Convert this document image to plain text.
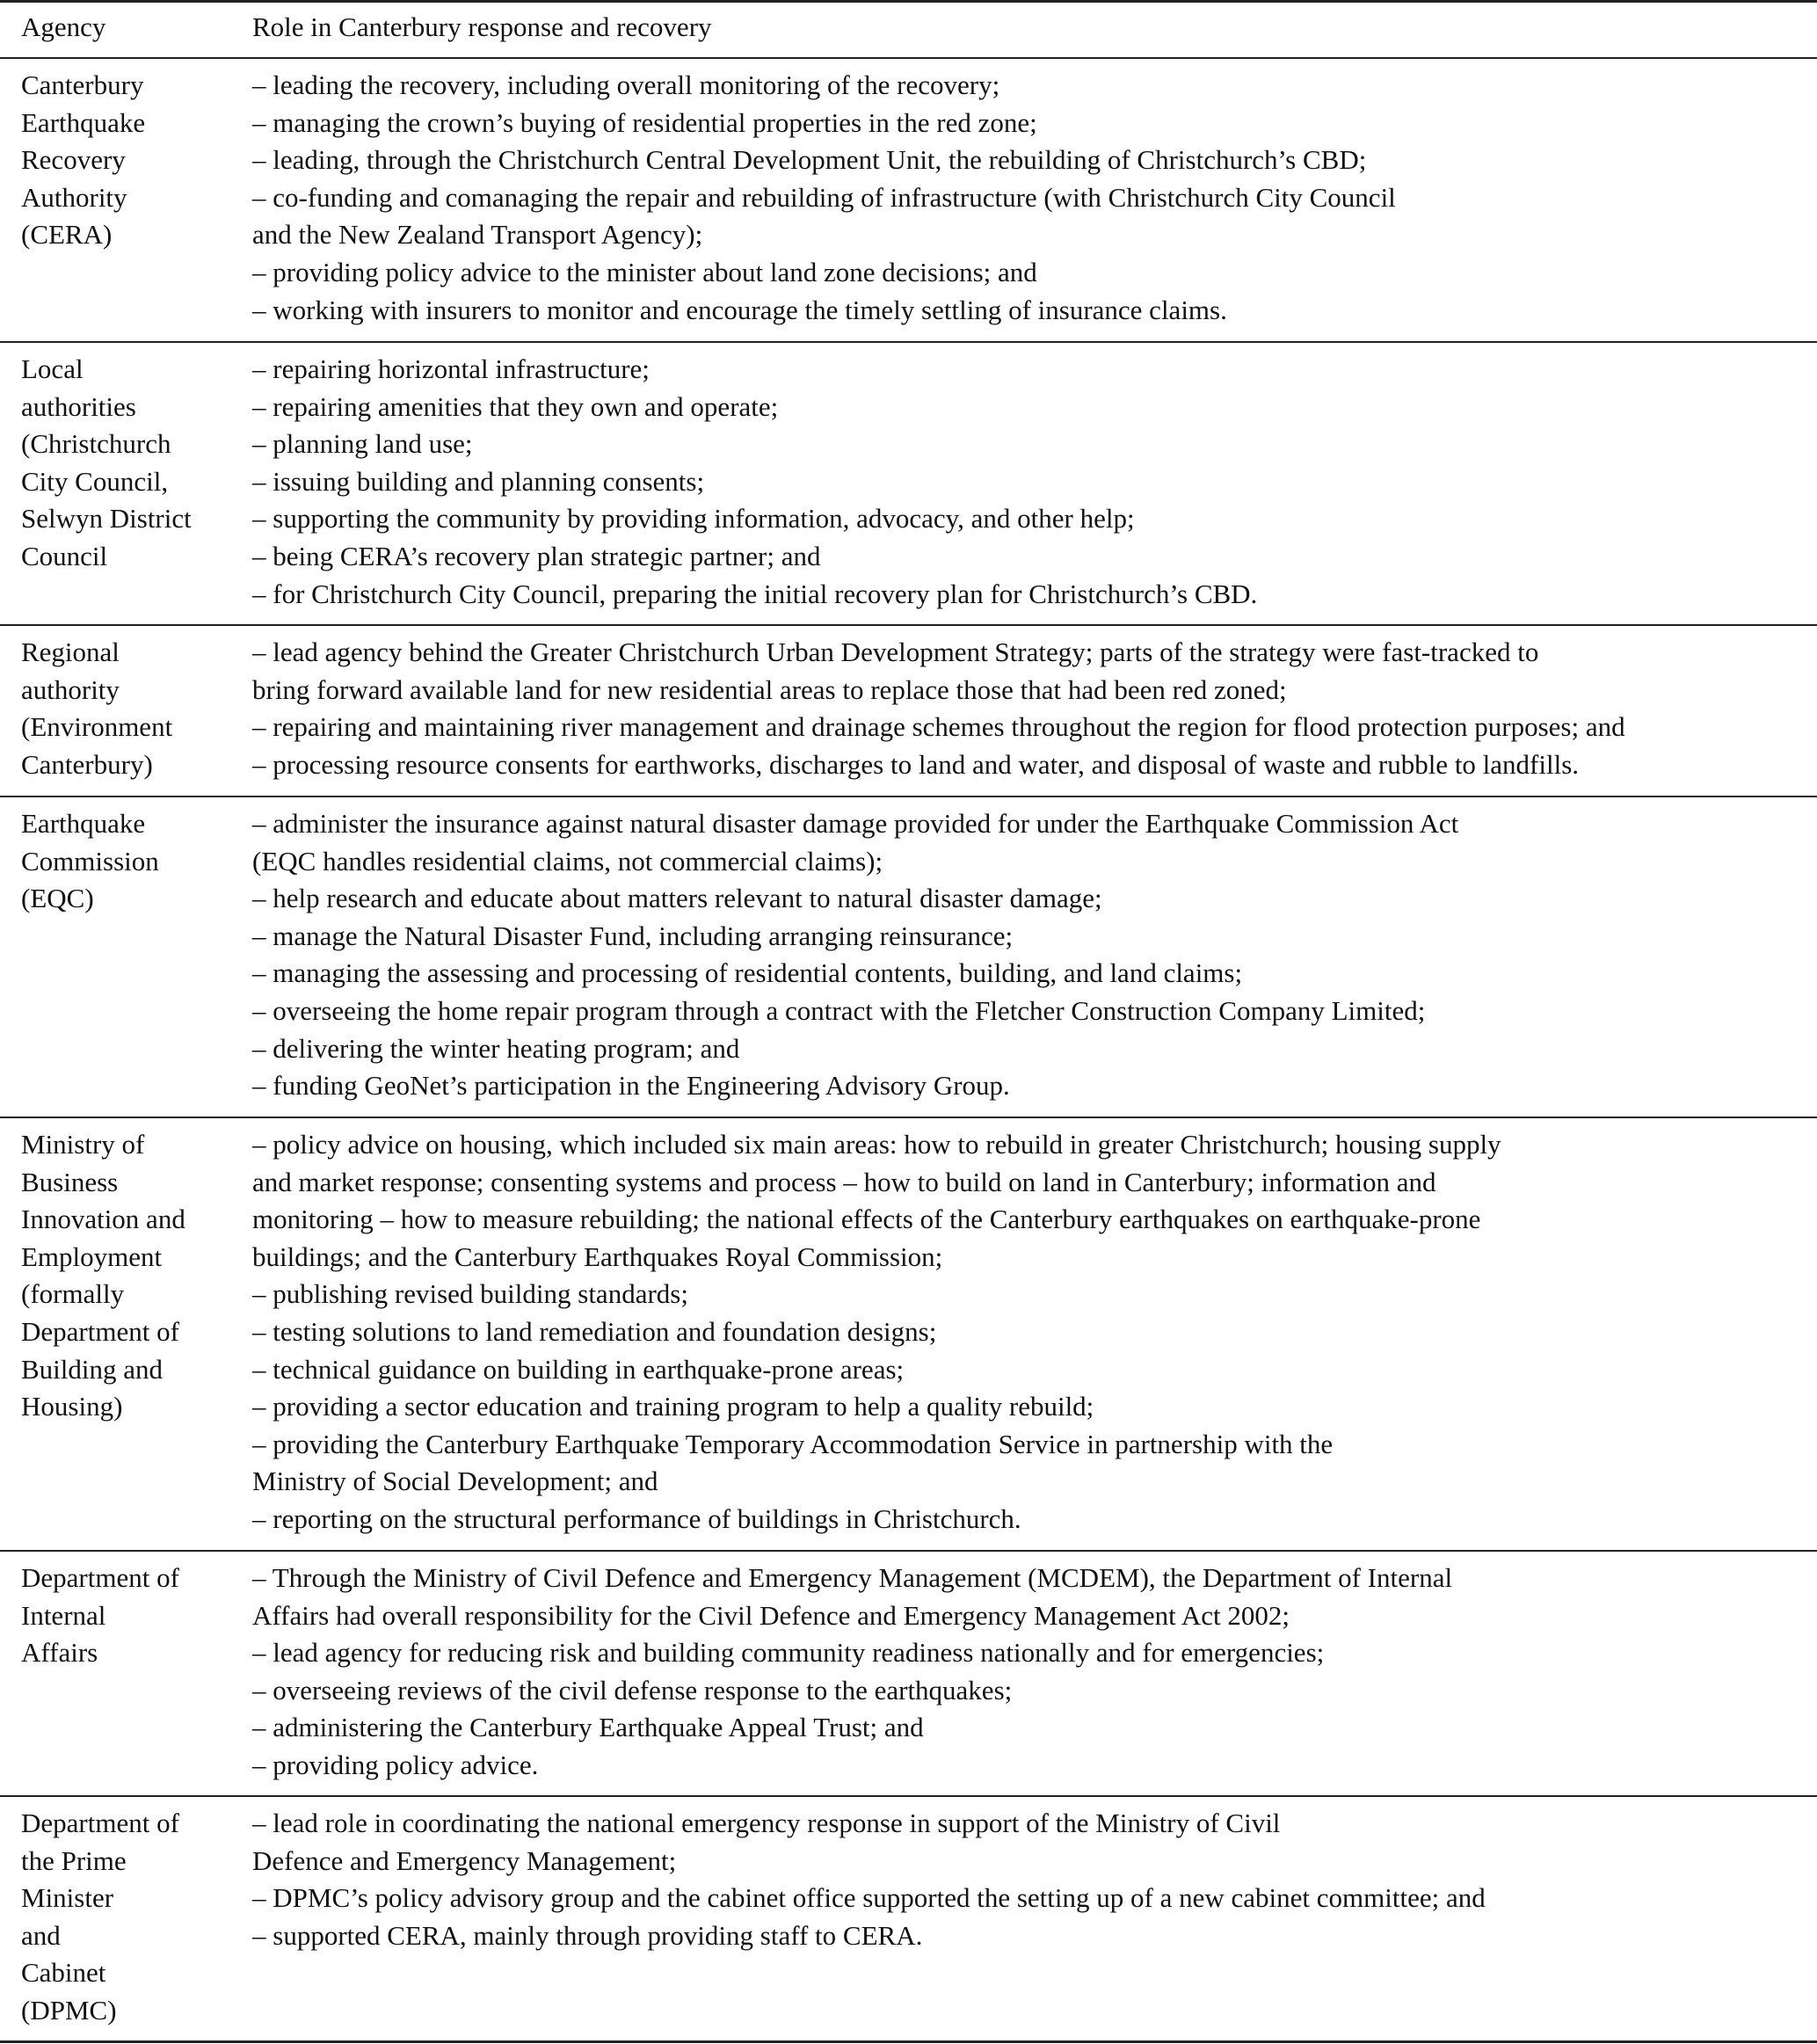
Agency	Role in Canterbury response and recovery
Canterbury
Earthquake
Recovery
Authority
(CERA)
– leading the recovery, including overall monitoring of the recovery;
– managing the crown’s buying of residential properties in the red zone;
– leading, through the Christchurch Central Development Unit, the rebuilding of Christchurch’s CBD;
– co-funding and comanaging the repair and rebuilding of infrastructure (with Christchurch City Council
and the New Zealand Transport Agency);
– providing policy advice to the minister about land zone decisions; and
– working with insurers to monitor and encourage the timely settling of insurance claims.
Local
authorities
(Christchurch
City Council,
Selwyn District
Council
– repairing horizontal infrastructure;
– repairing amenities that they own and operate;
– planning land use;
– issuing building and planning consents;
– supporting the community by providing information, advocacy, and other help;
– being CERA’s recovery plan strategic partner; and
– for Christchurch City Council, preparing the initial recovery plan for Christchurch’s CBD.
Regional
authority
(Environment
Canterbury)
– lead agency behind the Greater Christchurch Urban Development Strategy; parts of the strategy were fast-tracked to
bring forward available land for new residential areas to replace those that had been red zoned;
– repairing and maintaining river management and drainage schemes throughout the region for flood protection purposes; and
– processing resource consents for earthworks, discharges to land and water, and disposal of waste and rubble to landfills.
Earthquake
Commission
(EQC)
– administer the insurance against natural disaster damage provided for under the Earthquake Commission Act
(EQC handles residential claims, not commercial claims);
– help research and educate about matters relevant to natural disaster damage;
– manage the Natural Disaster Fund, including arranging reinsurance;
– managing the assessing and processing of residential contents, building, and land claims;
– overseeing the home repair program through a contract with the Fletcher Construction Company Limited;
– delivering the winter heating program; and
– funding GeoNet’s participation in the Engineering Advisory Group.
Ministry of
Business
Innovation and
Employment
(formally
Department of
Building and
Housing)
– policy advice on housing, which included six main areas: how to rebuild in greater Christchurch; housing supply
and market response; consenting systems and process – how to build on land in Canterbury; information and
monitoring – how to measure rebuilding; the national effects of the Canterbury earthquakes on earthquake-prone
buildings; and the Canterbury Earthquakes Royal Commission;
– publishing revised building standards;
– testing solutions to land remediation and foundation designs;
– technical guidance on building in earthquake-prone areas;
– providing a sector education and training program to help a quality rebuild;
– providing the Canterbury Earthquake Temporary Accommodation Service in partnership with the
Ministry of Social Development; and
– reporting on the structural performance of buildings in Christchurch.
Department of
Internal
Affairs
– Through the Ministry of Civil Defence and Emergency Management (MCDEM), the Department of Internal
Affairs had overall responsibility for the Civil Defence and Emergency Management Act 2002;
– lead agency for reducing risk and building community readiness nationally and for emergencies;
– overseeing reviews of the civil defense response to the earthquakes;
– administering the Canterbury Earthquake Appeal Trust; and
– providing policy advice.
Department of
the Prime
Minister
and
Cabinet
(DPMC)
– lead role in coordinating the national emergency response in support of the Ministry of Civil
Defence and Emergency Management;
– DPMC’s policy advisory group and the cabinet office supported the setting up of a new cabinet committee; and
– supported CERA, mainly through providing staff to CERA.
